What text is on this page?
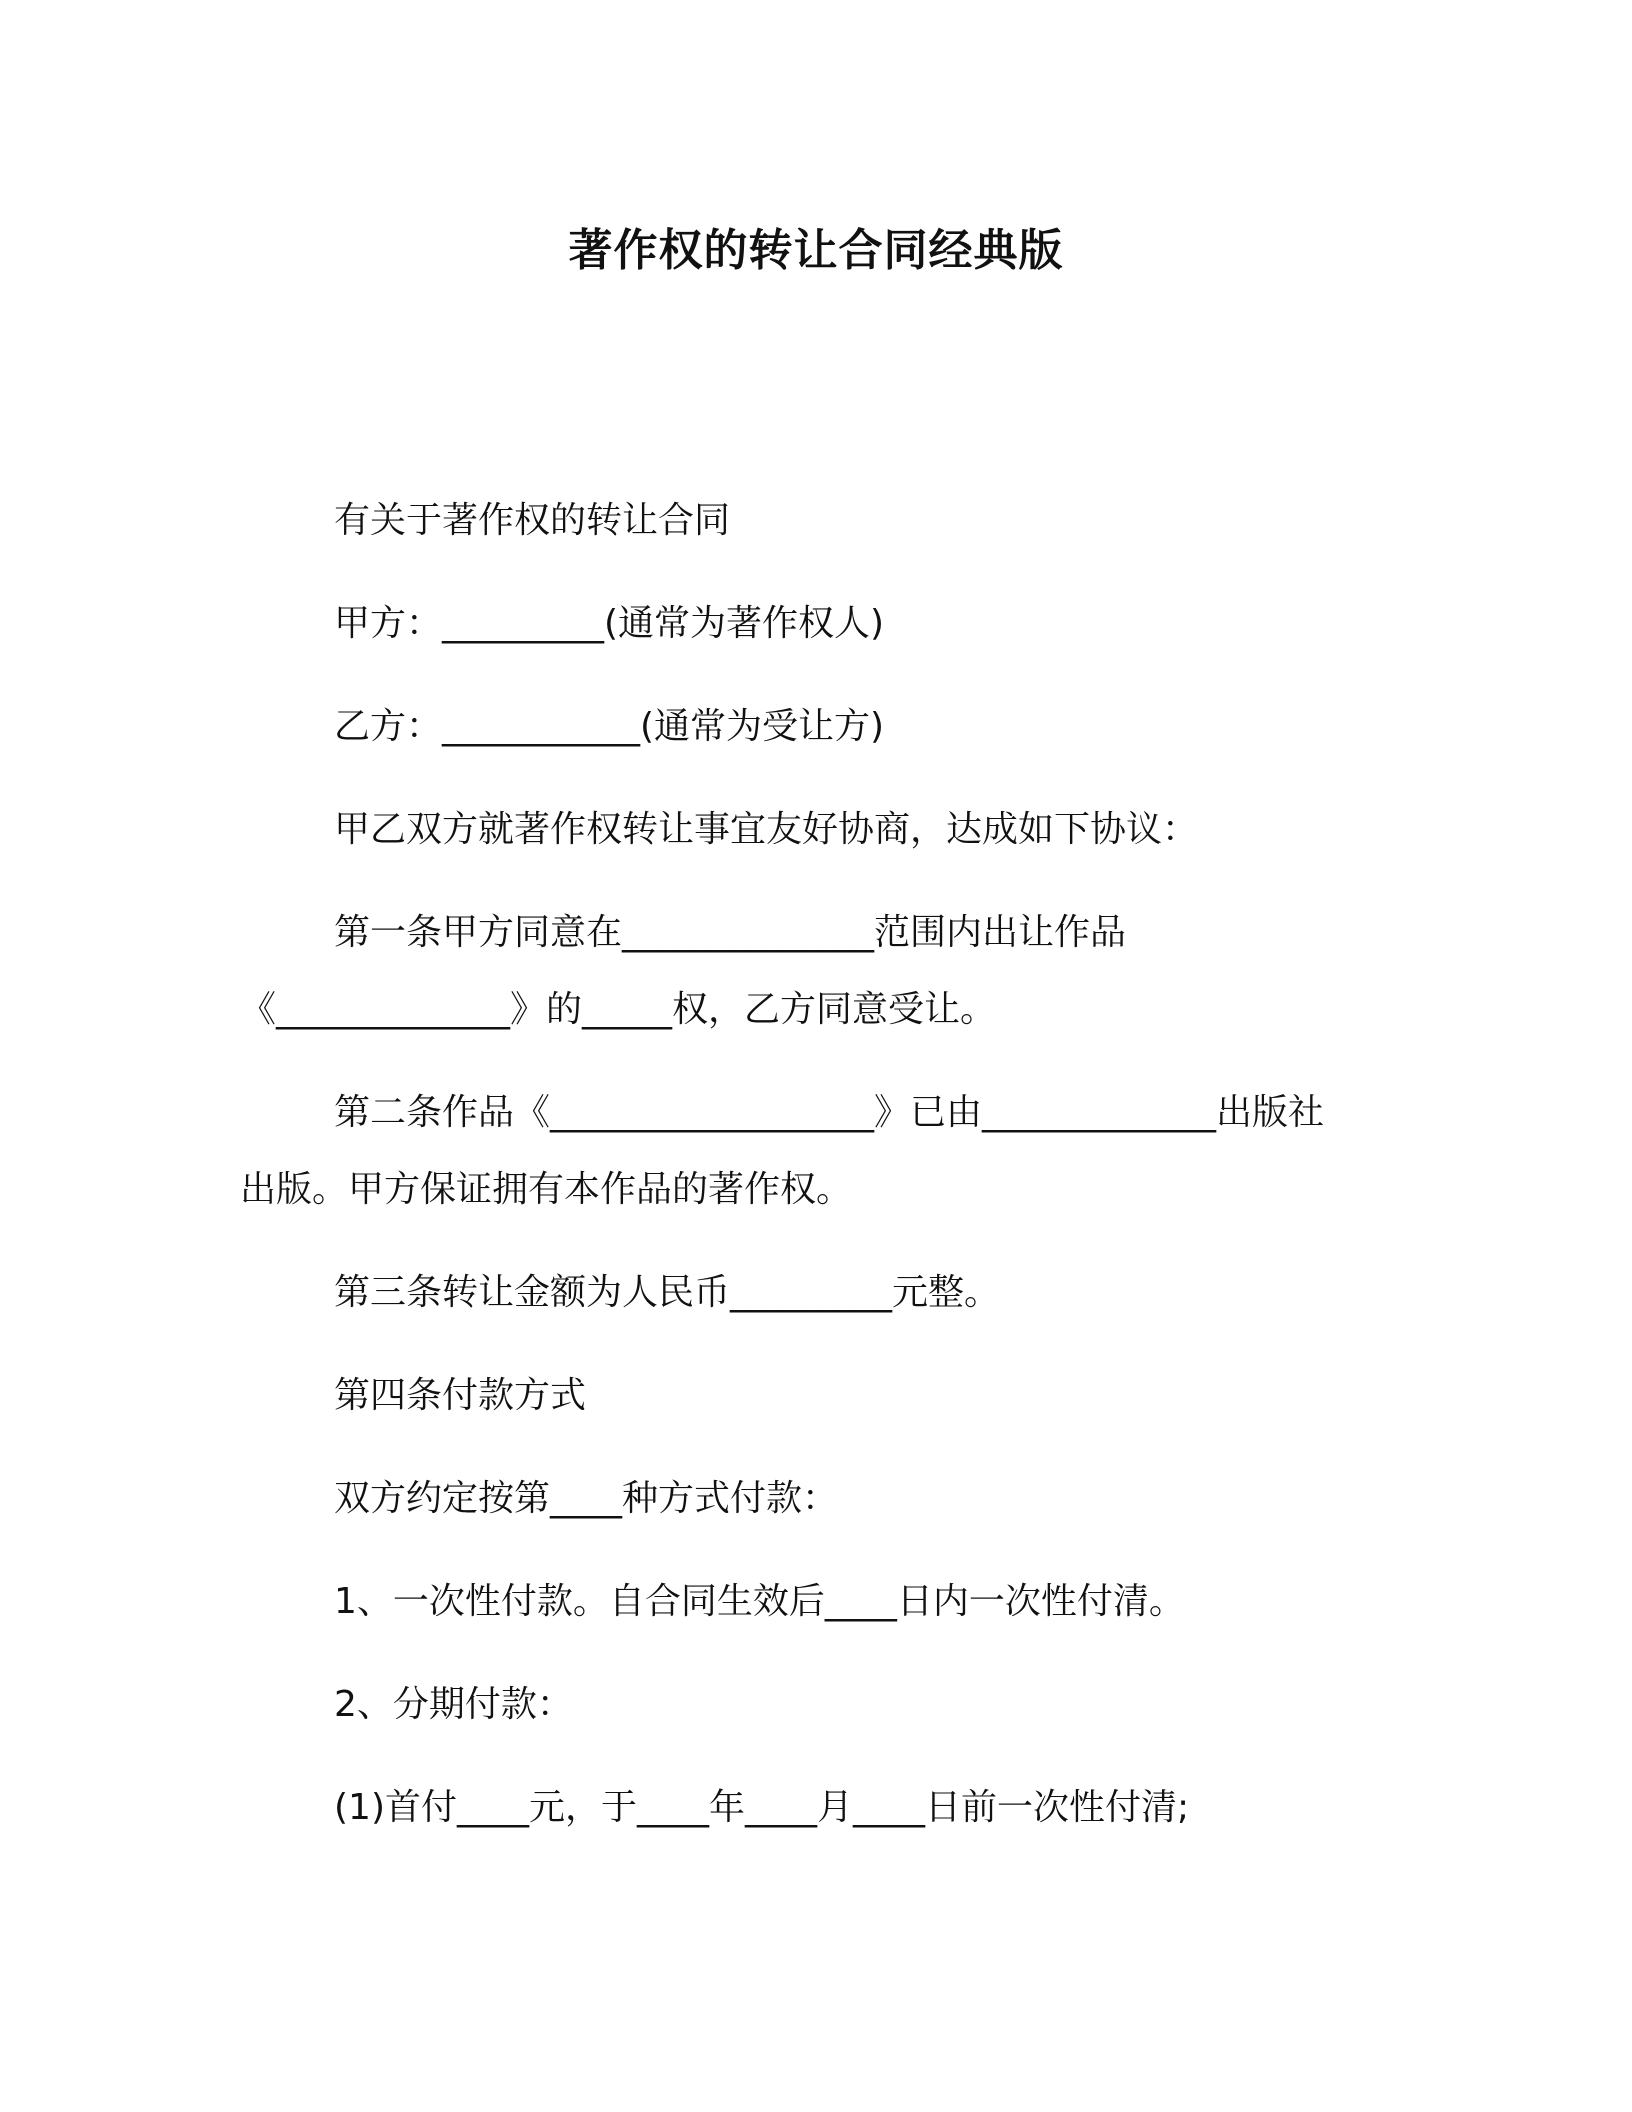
著作权的转让合同经典版

有关于著作权的转让合同

甲方：_________(通常为著作权人)

乙方：___________(通常为受让方)

甲乙双方就著作权转让事宜友好协商，达成如下协议：

第一条甲方同意在______________范围内出让作品

《_____________》的_____权，乙方同意受让。

第二条作品《__________________》已由_____________出版社

出版。甲方保证拥有本作品的著作权。

第三条转让金额为人民币_________元整。

第四条付款方式

双方约定按第____种方式付款：

1、一次性付款。自合同生效后____日内一次性付清。

2、分期付款：

(1)首付____元，于____年____月____日前一次性付清;
